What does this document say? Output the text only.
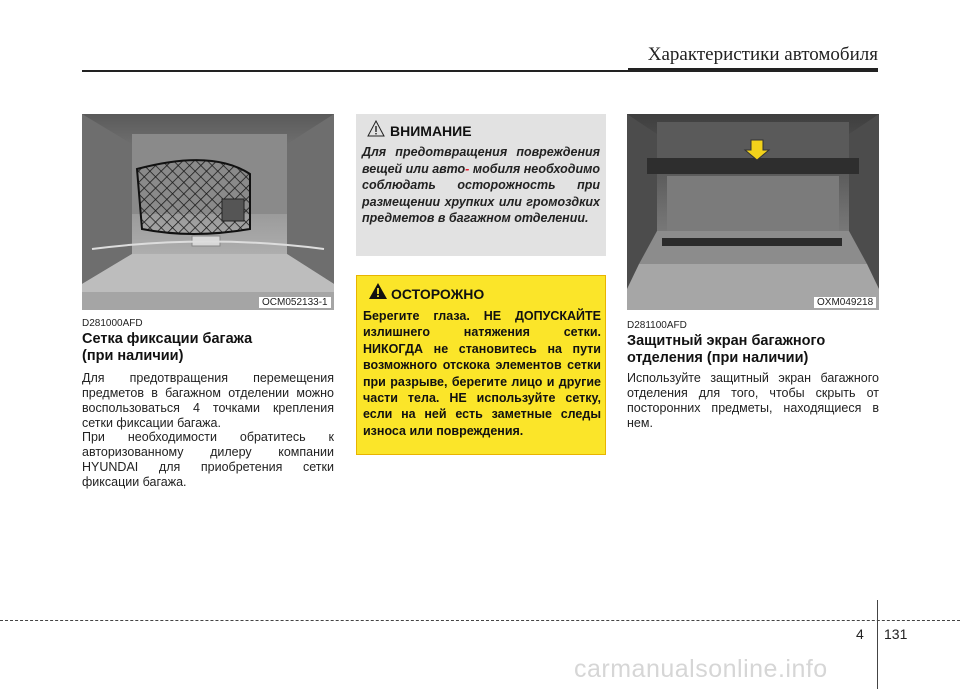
Характеристики автомобиля
OCM052133-1
D281000AFD
Сетка фиксации багажа
(при наличии)
Для предотвращения перемещения предметов в багажном отделении можно воспользоваться 4 точками крепления сетки фиксации багажа.
При необходимости обратитесь к авторизованному дилеру компании HYUNDAI для приобретения сетки фиксации багажа.
ВНИМАНИЕ
Для предотвращения повреждения вещей или авто- мобиля необходимо соблюдать осторожность при размещении хрупких или громоздких предметов в багажном отделении.
ОСТОРОЖНО
Берегите глаза. НЕ ДОПУСКАЙТЕ излишнего натяжения сетки. НИКОГДА не становитесь на пути возможного отскока элементов сетки при разрыве, берегите лицо и другие части тела. НЕ используйте сетку, если на ней есть заметные следы износа или повреждения.
OXM049218
D281100AFD
Защитный экран багажного
отделения (при наличии)
Используйте защитный экран багажного отделения для того, чтобы скрыть от посторонних предметы, находящиеся в нем.
4 131
carmanualsonline.info
